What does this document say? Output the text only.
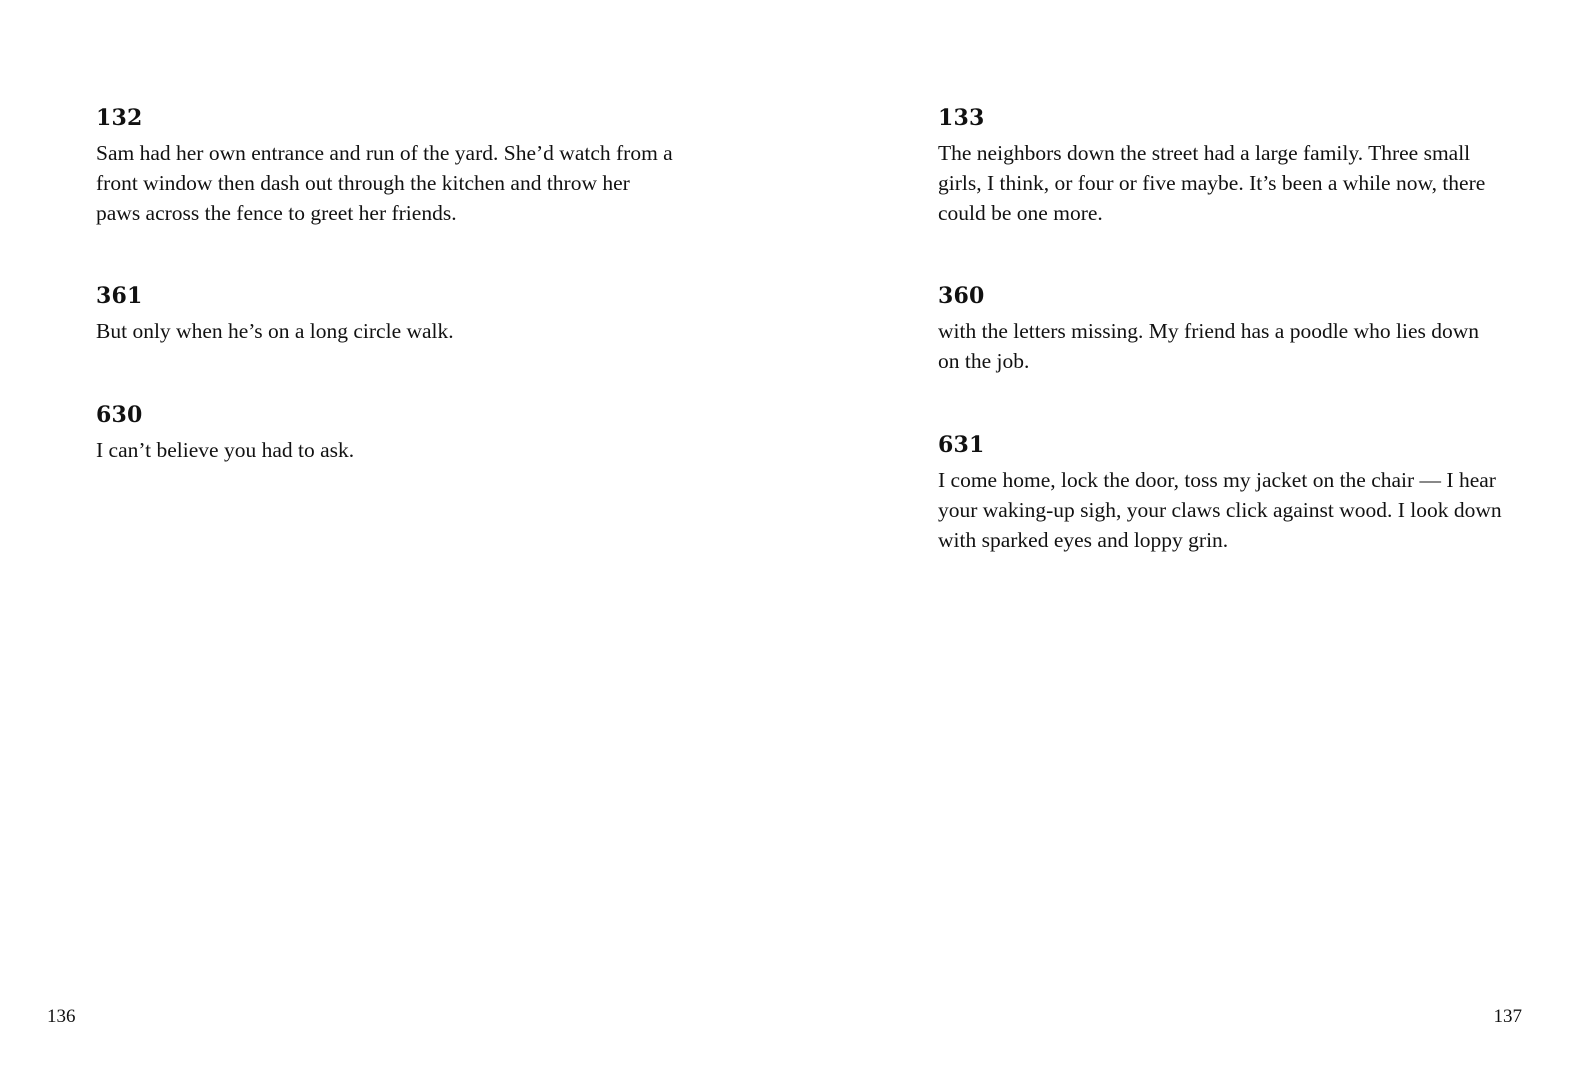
132

Sam had her own entrance and run of the yard. She’d watch from a front window then dash out through the kitchen and throw her paws across the fence to greet her friends.

361

But only when he’s on a long circle walk.

630

I can’t believe you had to ask.

136
133

The neighbors down the street had a large family. Three small girls, I think, or four or five maybe. It’s been a while now, there could be one more.

360

with the letters missing. My friend has a poodle who lies down on the job.

631

I come home, lock the door, toss my jacket on the chair — I hear your waking-up sigh, your claws click against wood. I look down with sparked eyes and loppy grin.

137
